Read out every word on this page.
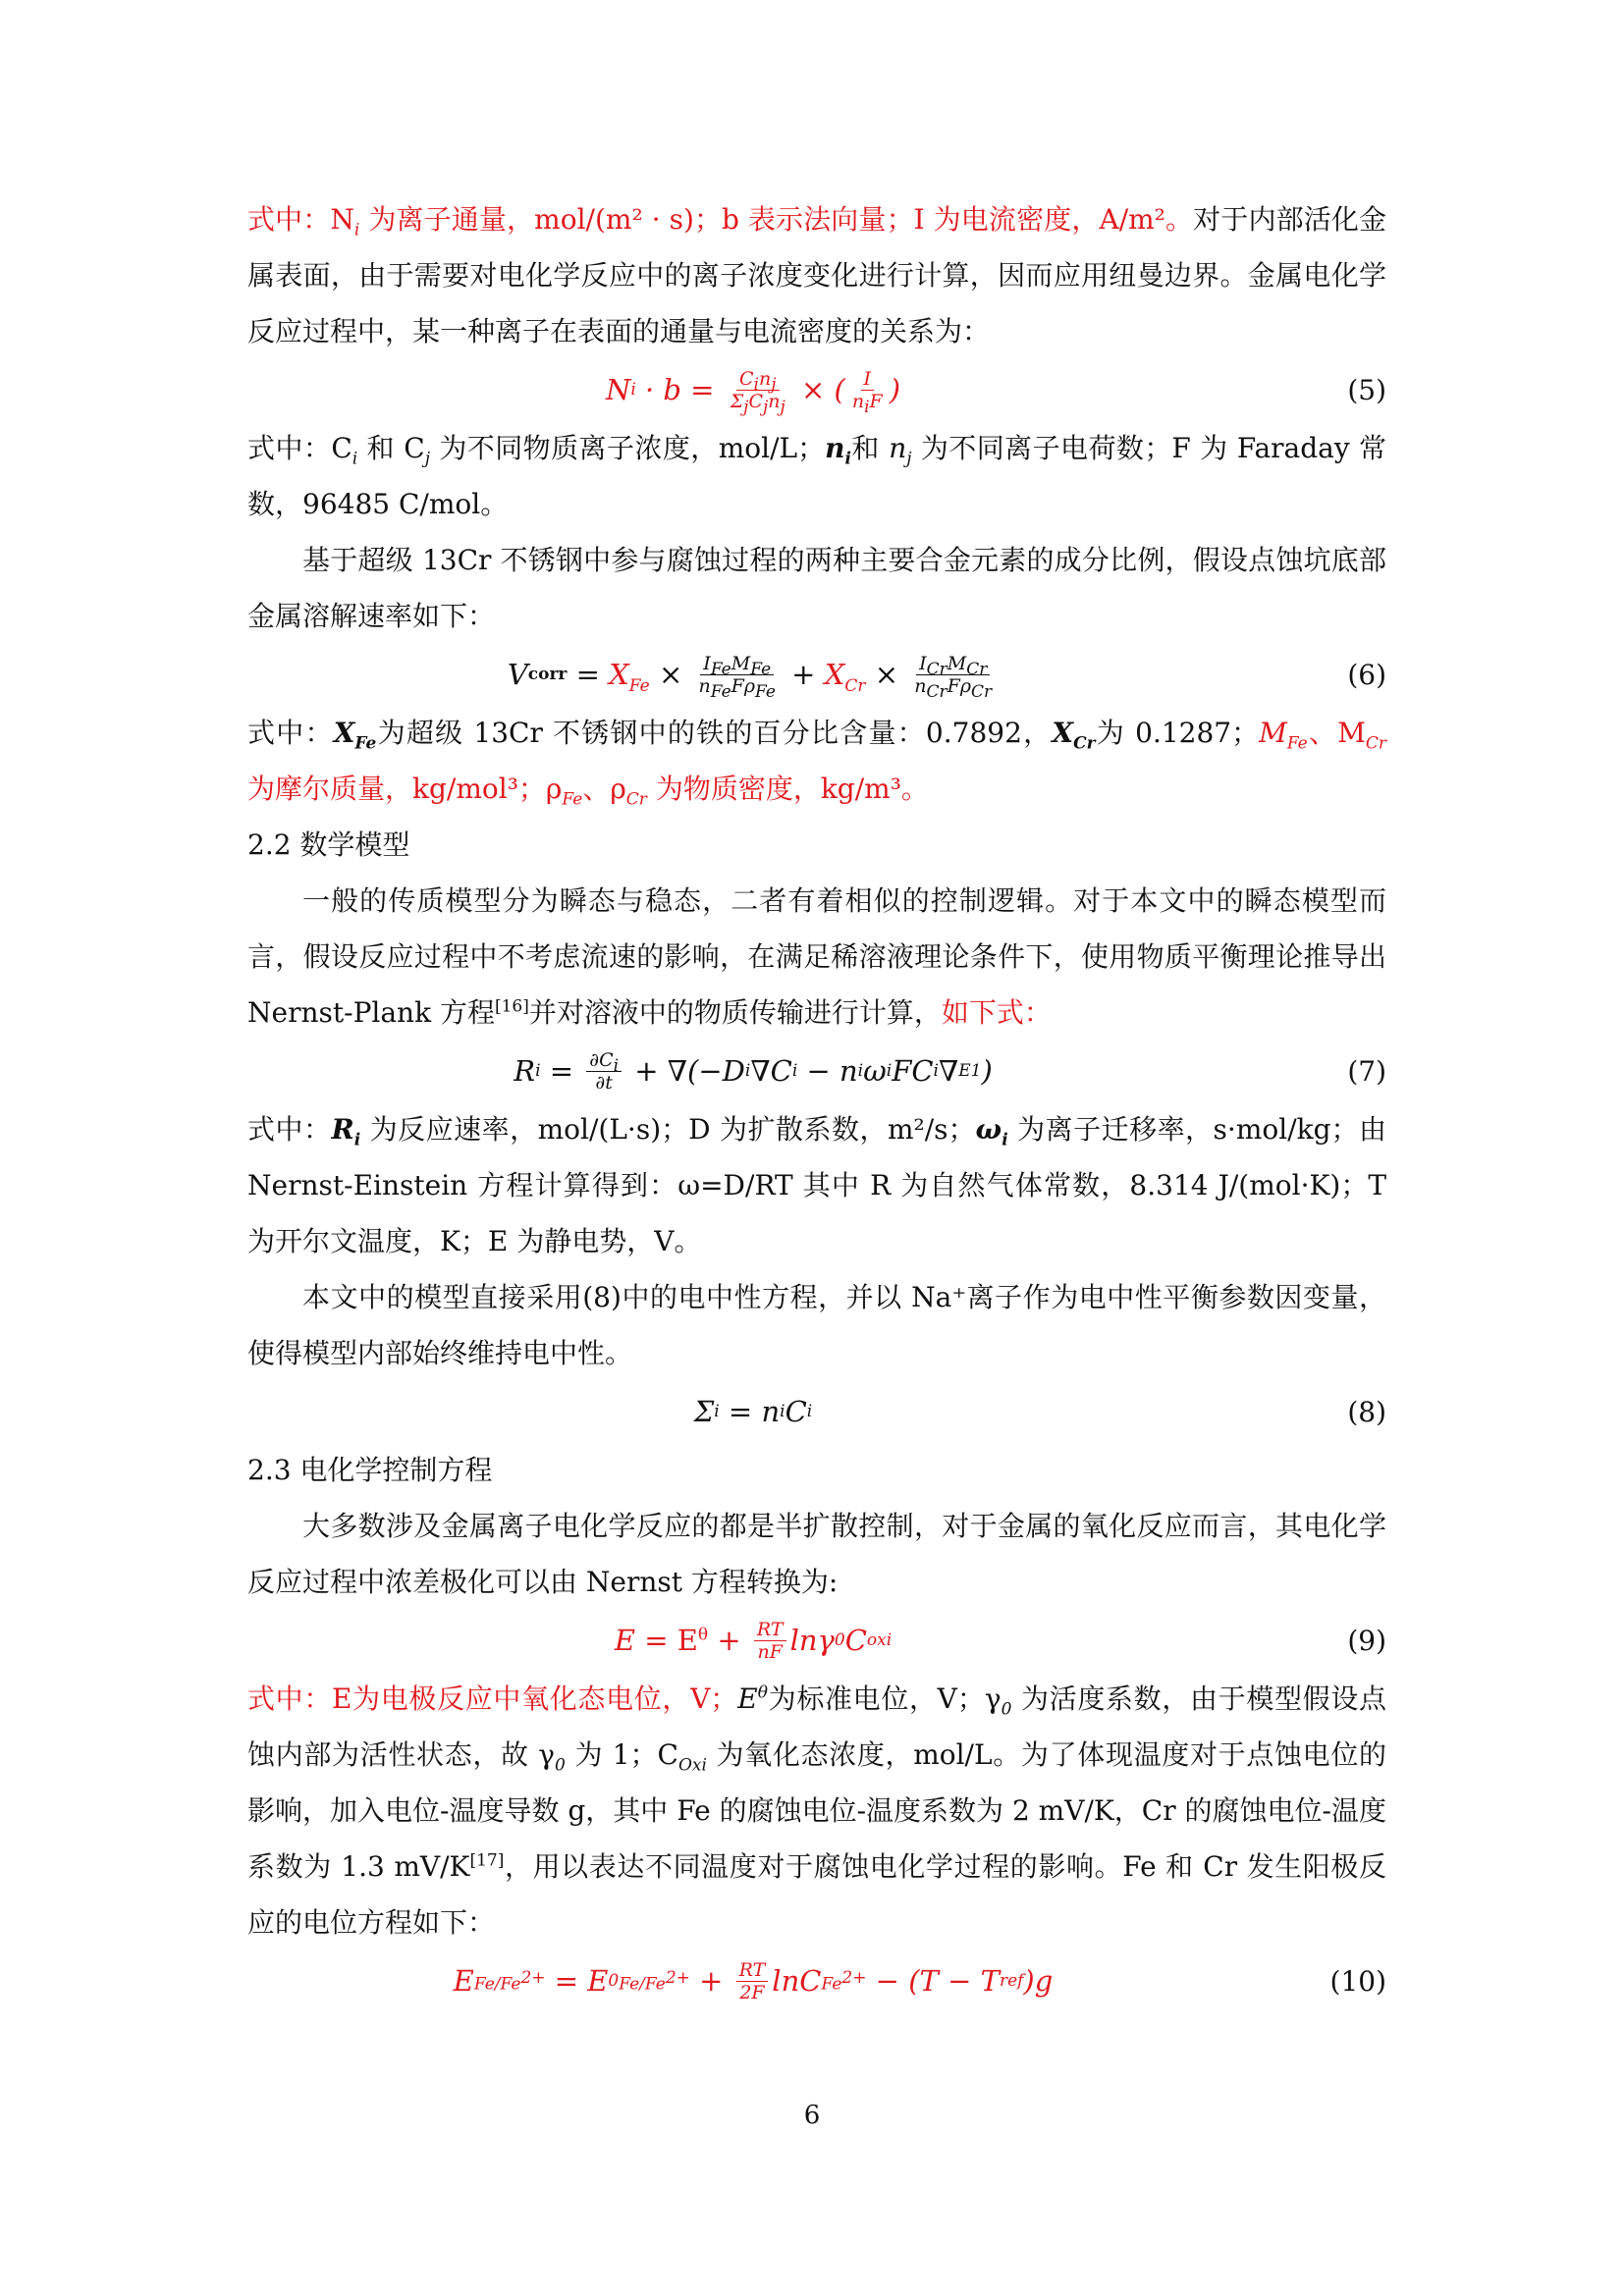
式中：$N_i$ 为离子通量，mol/(m² · s)；b 表示法向量；I 为电流密度，A/m²。对于内部活化金属表面，由于需要对电化学反应中的离子浓度变化进行计算，因而应用纽曼边界。金属电化学反应过程中，某一种离子在表面的通量与电流密度的关系为：

N $i \cdot b = \frac{C_in_j}{\Sigma_jC_jn_j}$ × ( $\frac{I}{n_iF}$ )	(5)

式中：$C_i$ 和 $C_j$ 为不同物质离子浓度，mol/L；$n_i$和 $n_j$ 为不同离子电荷数；F 为 Faraday 常数，96485 C/mol。

基于超级 13Cr 不锈钢中参与腐蚀过程的两种主要合金元素的成分比例，假设点蚀坑底部金属溶解速率如下：

V corr = $X_{Fe} \times \frac{I_{Fe}M_{Fe}}{n_{Fe}F\rho_{Fe}} + X_{Cr} \times \frac{I_{Cr}M_{Cr}}{n_{Cr}F\rho_{Cr}}$	(6)

式中：$X_{Fe}$为超级 13Cr 不锈钢中的铁的百分比含量：0.7892，$X_{Cr}$为 0.1287；$M_{Fe}$、$M_{Cr}$ 为摩尔质量，kg/mol³；$\rho_{Fe}$、$\rho_{Cr}$ 为物质密度，kg/m³。

2.2 数学模型

一般的传质模型分为瞬态与稳态，二者有着相似的控制逻辑。对于本文中的瞬态模型而言，假设反应过程中不考虑流速的影响，在满足稀溶液理论条件下，使用物质平衡理论推导出 Nernst-Plank 方程[16]并对溶液中的物质传输进行计算，如下式：

R $i = \frac{\partial C_i}{\partial t} + \nabla(-D$ i ∇C i − n i ω i FC i ∇ E1 )	(7)

式中：$R_i$ 为反应速率，mol/(L·s)；D 为扩散系数，m²/s；$\omega_i$ 为离子迁移率，s·mol/kg；由 Nernst-Einstein 方程计算得到：ω=D/RT 其中 R 为自然气体常数，8.314 J/(mol·K)；T 为开尔文温度，K；E 为静电势，V。

本文中的模型直接采用(8)中的电中性方程，并以 Na⁺离子作为电中性平衡参数因变量，使得模型内部始终维持电中性。

Σ i = n i C i	(8)

2.3 电化学控制方程

大多数涉及金属离子电化学反应的都是半扩散控制，对于金属的氧化反应而言，其电化学反应过程中浓差极化可以由 Nernst 方程转换为:

$E = E^\theta + \frac{RT}{nF}$ lnγ 0 C oxi	(9)

式中：E为电极反应中氧化态电位，V；$E^\theta$为标准电位，V；$\gamma_0$ 为活度系数，由于模型假设点蚀内部为活性状态，故 $\gamma_0$ 为 1；$C_{Oxi}$ 为氧化态浓度，mol/L。为了体现温度对于点蚀电位的影响，加入电位-温度导数 g，其中 Fe 的腐蚀电位-温度系数为 2 mV/K，Cr 的腐蚀电位-温度系数为 1.3 mV/K[17]，用以表达不同温度对于腐蚀电化学过程的影响。Fe 和 Cr 发生阳极反应的电位方程如下：

E $Fe/Fe^{2+} = E$ 0 $Fe/Fe^{2+} + \frac{RT}{2F}$ lnC $Fe^{2+} - (T - T$ ref )g	(10)
6
